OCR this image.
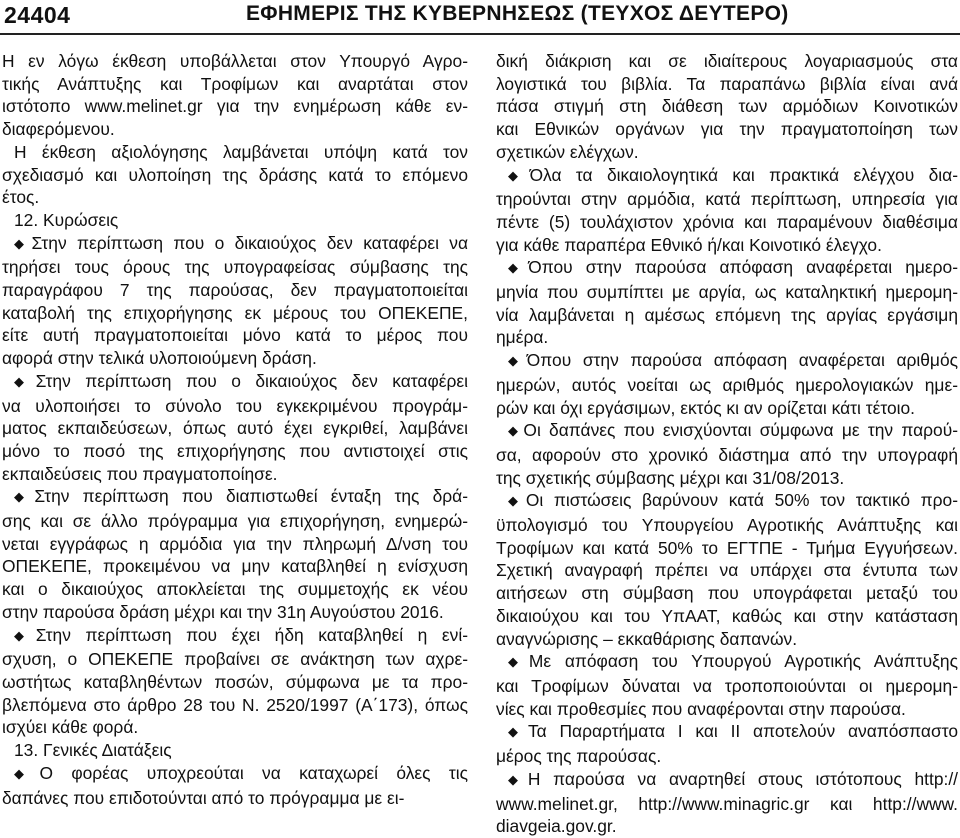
24404	ΕΦΗΜΕΡΙΣ ΤΗΣ ΚΥΒΕΡΝΗΣΕΩΣ (ΤΕΥΧΟΣ ΔΕΥΤΕΡΟ)

Η εν λόγω έκθεση υποβάλλεται στον Υπουργό Αγρο-

τικής Ανάπτυξης και Τροφίμων και αναρτάται στον

ιστότοπο www.melinet.gr για την ενημέρωση κάθε εν-

διαφερόμενου.

Η έκθεση αξιολόγησης λαμβάνεται υπόψη κατά τον

σχεδιασμό και υλοποίηση της δράσης κατά το επόμενο

έτος.

12. Κυρώσεις

◆ Στην περίπτωση που ο δικαιούχος δεν καταφέρει να

τηρήσει τους όρους της υπογραφείσας σύμβασης της

παραγράφου 7 της παρούσας, δεν πραγματοποιείται

καταβολή της επιχορήγησης εκ μέρους του ΟΠΕΚΕΠΕ,

είτε αυτή πραγματοποιείται μόνο κατά το μέρος που

αφορά στην τελικά υλοποιούμενη δράση.

◆ Στην περίπτωση που ο δικαιούχος δεν καταφέρει

να υλοποιήσει το σύνολο του εγκεκριμένου προγράμ-

ματος εκπαιδεύσεων, όπως αυτό έχει εγκριθεί, λαμβάνει

μόνο το ποσό της επιχορήγησης που αντιστοιχεί στις

εκπαιδεύσεις που πραγματοποίησε.

◆ Στην περίπτωση που διαπιστωθεί ένταξη της δρά-

σης και σε άλλο πρόγραμμα για επιχορήγηση, ενημερώ-

νεται εγγράφως η αρμόδια για την πληρωμή Δ/νση του

ΟΠΕΚΕΠΕ, προκειμένου να μην καταβληθεί η ενίσχυση

και ο δικαιούχος αποκλείεται της συμμετοχής εκ νέου

στην παρούσα δράση μέχρι και την 31η Αυγούστου 2016.

◆ Στην περίπτωση που έχει ήδη καταβληθεί η ενί-

σχυση, ο ΟΠΕΚΕΠΕ προβαίνει σε ανάκτηση των αχρε-

ωστήτως καταβληθέντων ποσών, σύμφωνα με τα προ-

βλεπόμενα στο άρθρο 28 του Ν. 2520/1997 (Α΄173), όπως

ισχύει κάθε φορά.

13. Γενικές Διατάξεις

◆ Ο φορέας υποχρεούται να καταχωρεί όλες τις

δαπάνες που επιδοτούνται από το πρόγραμμα με ει-

δική διάκριση και σε ιδιαίτερους λογαριασμούς στα

λογιστικά του βιβλία. Τα παραπάνω βιβλία είναι ανά

πάσα στιγμή στη διάθεση των αρμόδιων Κοινοτικών

και Εθνικών οργάνων για την πραγματοποίηση των

σχετικών ελέγχων.

◆ Όλα τα δικαιολογητικά και πρακτικά ελέγχου δια-

τηρούνται στην αρμόδια, κατά περίπτωση, υπηρεσία για

πέντε (5) τουλάχιστον χρόνια και παραμένουν διαθέσιμα

για κάθε παραπέρα Εθνικό ή/και Κοινοτικό έλεγχο.

◆ Όπου στην παρούσα απόφαση αναφέρεται ημερο-

μηνία που συμπίπτει με αργία, ως καταληκτική ημερομη-

νία λαμβάνεται η αμέσως επόμενη της αργίας εργάσιμη

ημέρα.

◆ Όπου στην παρούσα απόφαση αναφέρεται αριθμός

ημερών, αυτός νοείται ως αριθμός ημερολογιακών ημε-

ρών και όχι εργάσιμων, εκτός κι αν ορίζεται κάτι τέτοιο.

◆ Οι δαπάνες που ενισχύονται σύμφωνα με την παρού-

σα, αφορούν στο χρονικό διάστημα από την υπογραφή

της σχετικής σύμβασης μέχρι και 31/08/2013.

◆ Οι πιστώσεις βαρύνουν κατά 50% τον τακτικό προ-

ϋπολογισμό του Υπουργείου Αγροτικής Ανάπτυξης και

Τροφίμων και κατά 50% το ΕΓΤΠΕ - Τμήμα Εγγυήσεων.

Σχετική αναγραφή πρέπει να υπάρχει στα έντυπα των

αιτήσεων στη σύμβαση που υπογράφεται μεταξύ του

δικαιούχου και του ΥπΑΑΤ, καθώς και στην κατάσταση

αναγνώρισης – εκκαθάρισης δαπανών.

◆ Με απόφαση του Υπουργού Αγροτικής Ανάπτυξης

και Τροφίμων δύναται να τροποποιούνται οι ημερομη-

νίες και προθεσμίες που αναφέρονται στην παρούσα.

◆ Τα Παραρτήματα Ι και ΙΙ αποτελούν αναπόσπαστο

μέρος της παρούσας.

◆ Η παρούσα να αναρτηθεί στους ιστότοπους http://

www.melinet.gr, http://www.minagric.gr και http://www.

diavgeia.gov.gr.
